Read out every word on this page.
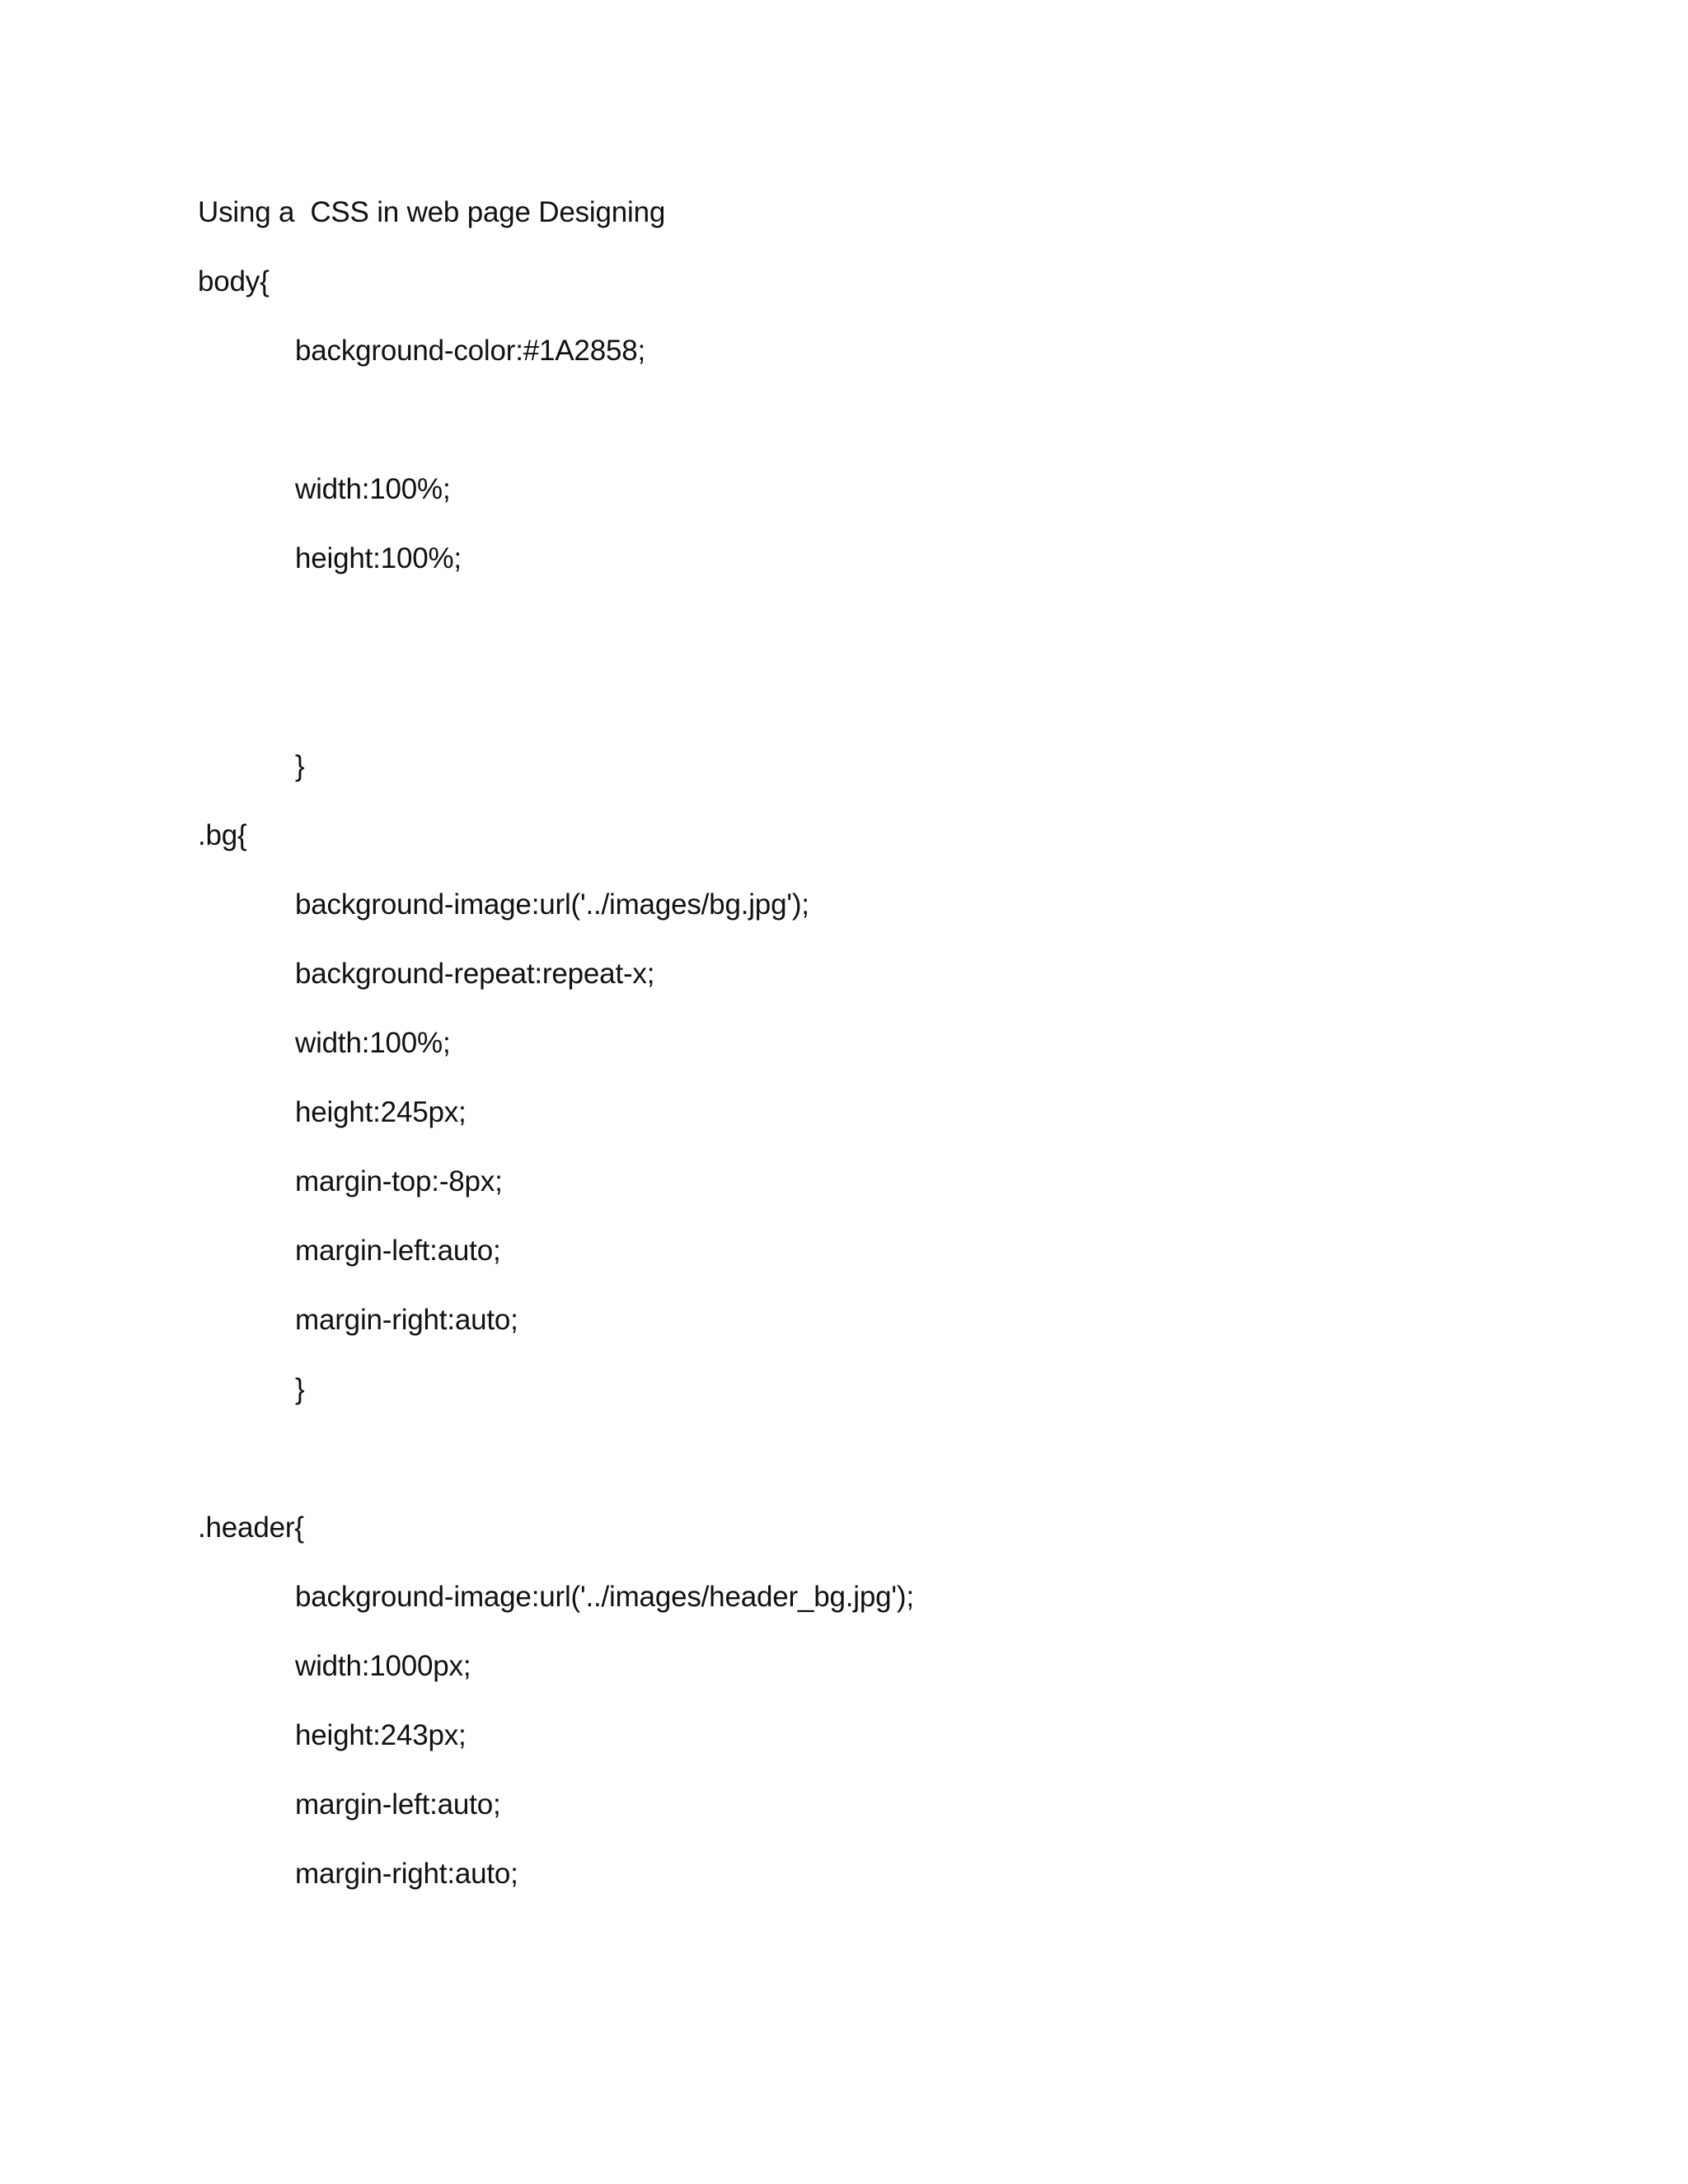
Using a  CSS in web page Designing
body{
background-color:#1A2858;
width:100%;
height:100%;
}
.bg{
background-image:url('../images/bg.jpg');
background-repeat:repeat-x;
width:100%;
height:245px;
margin-top:-8px;
margin-left:auto;
margin-right:auto;
}
.header{
background-image:url('../images/header_bg.jpg');
width:1000px;
height:243px;
margin-left:auto;
margin-right:auto;
